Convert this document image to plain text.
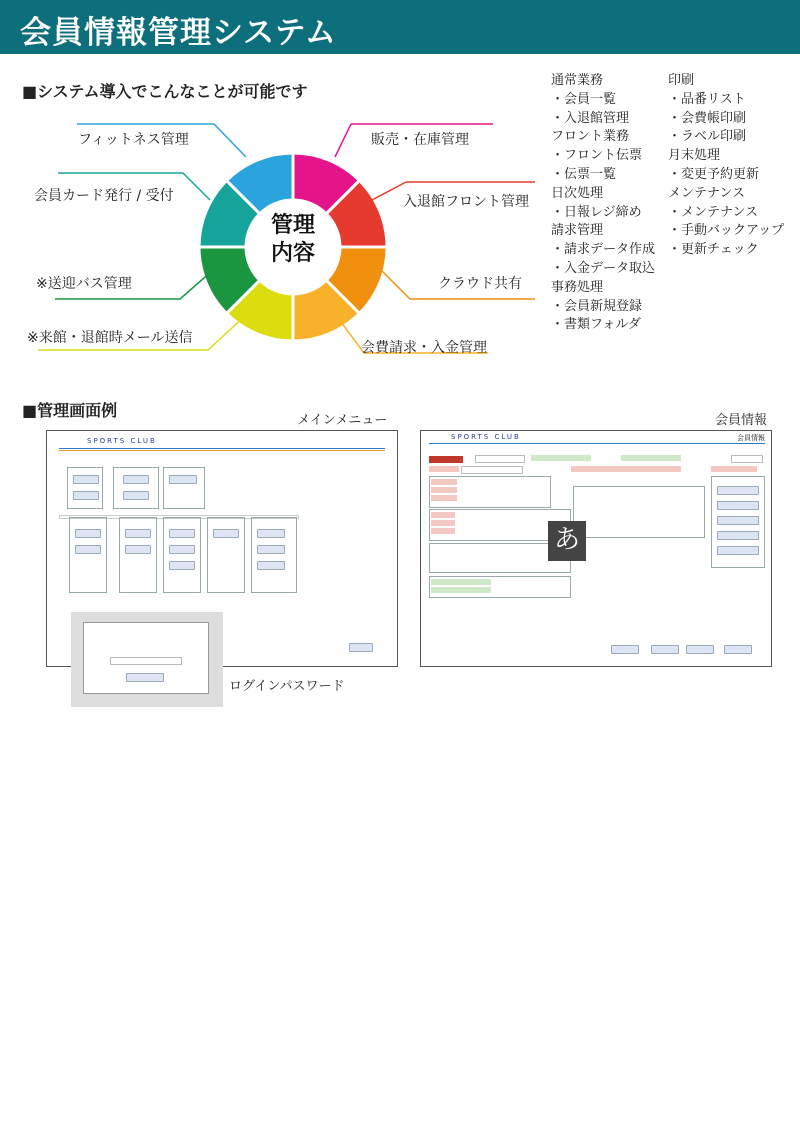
会員情報管理システム
■システム導入でこんなことが可能です
管理
内容
フィットネス管理	販売・在庫管理
会員カード発行 / 受付	入退館フロント管理
※送迎バス管理	クラウド共有
※来館・退館時メール送信
会費請求・入金管理
通常業務
・会員一覧
・入退館管理
フロント業務
・フロント伝票
・伝票一覧
日次処理
・日報レジ締め
請求管理
・請求データ作成
・入金データ取込
事務処理
・会員新規登録
・書類フォルダ
印刷
・品番リスト
・会費帳印刷
・ラベル印刷
月末処理
・変更予約更新
メンテナンス
・メンテナンス
・手動バックアップ
・更新チェック
■管理画面例
メインメニュー	会員情報
SPORTS CLUB
ログインパスワード
SPORTS CLUB	会員情報
あ
